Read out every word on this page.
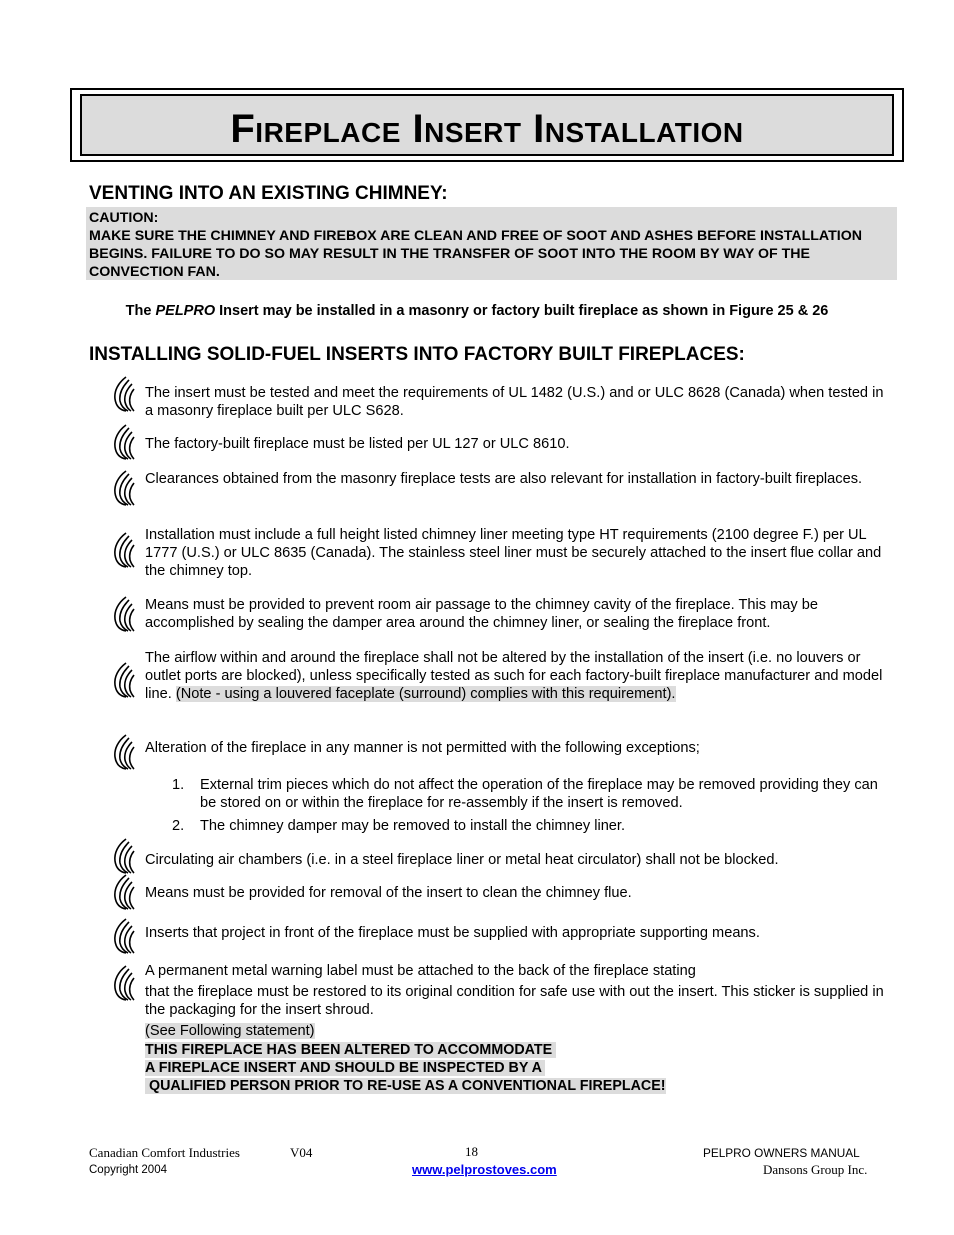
Fireplace Insert Installation
VENTING INTO AN EXISTING CHIMNEY:
CAUTION:
MAKE SURE THE CHIMNEY AND FIREBOX ARE CLEAN AND FREE OF SOOT AND ASHES BEFORE INSTALLATION BEGINS. FAILURE TO DO SO MAY RESULT IN THE TRANSFER OF SOOT INTO THE ROOM BY WAY OF THE CONVECTION FAN.
The PELPRO Insert may be installed in a masonry or factory built fireplace as shown in Figure 25 & 26
INSTALLING SOLID-FUEL INSERTS INTO FACTORY BUILT FIREPLACES:
The insert must be tested and meet the requirements of UL 1482 (U.S.) and or ULC 8628 (Canada) when tested in a masonry fireplace built per ULC S628.
The factory-built fireplace must be listed per UL 127 or ULC 8610.
Clearances obtained from the masonry fireplace tests are also relevant for installation in factory-built fireplaces.
Installation must include a full height listed chimney liner meeting type HT requirements (2100 degree F.) per UL 1777 (U.S.) or ULC 8635 (Canada). The stainless steel liner must be securely attached to the insert flue collar and the chimney top.
Means must be provided to prevent room air passage to the chimney cavity of the fireplace. This may be accomplished by sealing the damper area around the chimney liner, or sealing the fireplace front.
The airflow within and around the fireplace shall not be altered by the installation of the insert (i.e. no louvers or outlet ports are blocked), unless specifically tested as such for each factory-built fireplace manufacturer and model line. (Note - using a louvered faceplate (surround) complies with this requirement).
Alteration of the fireplace in any manner is not permitted with the following exceptions;
1.	External trim pieces which do not affect the operation of the fireplace may be removed providing they can be stored on or within the fireplace for re-assembly if the insert is removed.
2.	The chimney damper may be removed to install the chimney liner.
Circulating air chambers (i.e. in a steel fireplace liner or metal heat circulator) shall not be blocked.
Means must be provided for removal of the insert to clean the chimney flue.
Inserts that project in front of the fireplace must be supplied with appropriate supporting means.
A permanent metal warning label must be attached to the back of the fireplace stating
that the fireplace must be restored to its original condition for safe use with out the insert. This sticker is supplied in the packaging for the insert shroud.
(See Following statement)
THIS FIREPLACE HAS BEEN ALTERED TO ACCOMMODATE
A FIREPLACE INSERT AND SHOULD BE INSPECTED BY A
QUALIFIED PERSON PRIOR TO RE-USE AS A CONVENTIONAL FIREPLACE!
Canadian Comfort Industries	V04
Copyright 2004
18
www.pelprostoves.com
PELPRO OWNERS MANUAL
Dansons Group Inc.
